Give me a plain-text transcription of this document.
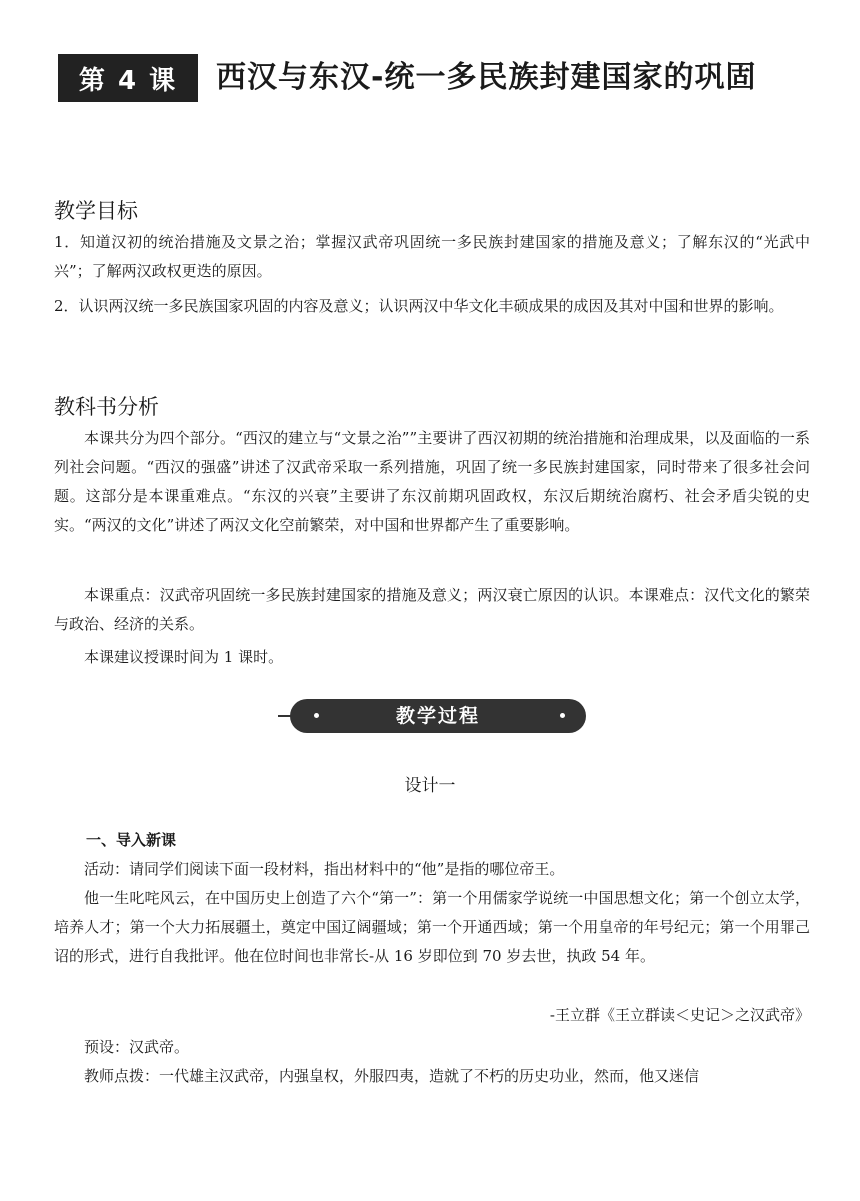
第 4 课	西汉与东汉-统一多民族封建国家的巩固
教学目标
1．知道汉初的统治措施及文景之治；掌握汉武帝巩固统一多民族封建国家的措施及意义；了解东汉的“光武中兴”；了解两汉政权更迭的原因。
2．认识两汉统一多民族国家巩固的内容及意义；认识两汉中华文化丰硕成果的成因及其对中国和世界的影响。
教科书分析
本课共分为四个部分。“西汉的建立与“文景之治””主要讲了西汉初期的统治措施和治理成果，以及面临的一系列社会问题。“西汉的强盛”讲述了汉武帝采取一系列措施，巩固了统一多民族封建国家，同时带来了很多社会问题。这部分是本课重难点。“东汉的兴衰”主要讲了东汉前期巩固政权，东汉后期统治腐朽、社会矛盾尖锐的史实。“两汉的文化”讲述了两汉文化空前繁荣，对中国和世界都产生了重要影响。
本课重点：汉武帝巩固统一多民族封建国家的措施及意义；两汉衰亡原因的认识。本课难点：汉代文化的繁荣与政治、经济的关系。
本课建议授课时间为 1 课时。
教学过程
设计一
一、导入新课
活动：请同学们阅读下面一段材料，指出材料中的“他”是指的哪位帝王。
他一生叱咤风云，在中国历史上创造了六个“第一”：第一个用儒家学说统一中国思想文化；第一个创立太学，培养人才；第一个大力拓展疆土，奠定中国辽阔疆域；第一个开通西域；第一个用皇帝的年号纪元；第一个用罪己诏的形式，进行自我批评。他在位时间也非常长-从 16 岁即位到 70 岁去世，执政 54 年。
-王立群《王立群读＜史记＞之汉武帝》
预设：汉武帝。
教师点拨：一代雄主汉武帝，内强皇权，外服四夷，造就了不朽的历史功业，然而，他又迷信
